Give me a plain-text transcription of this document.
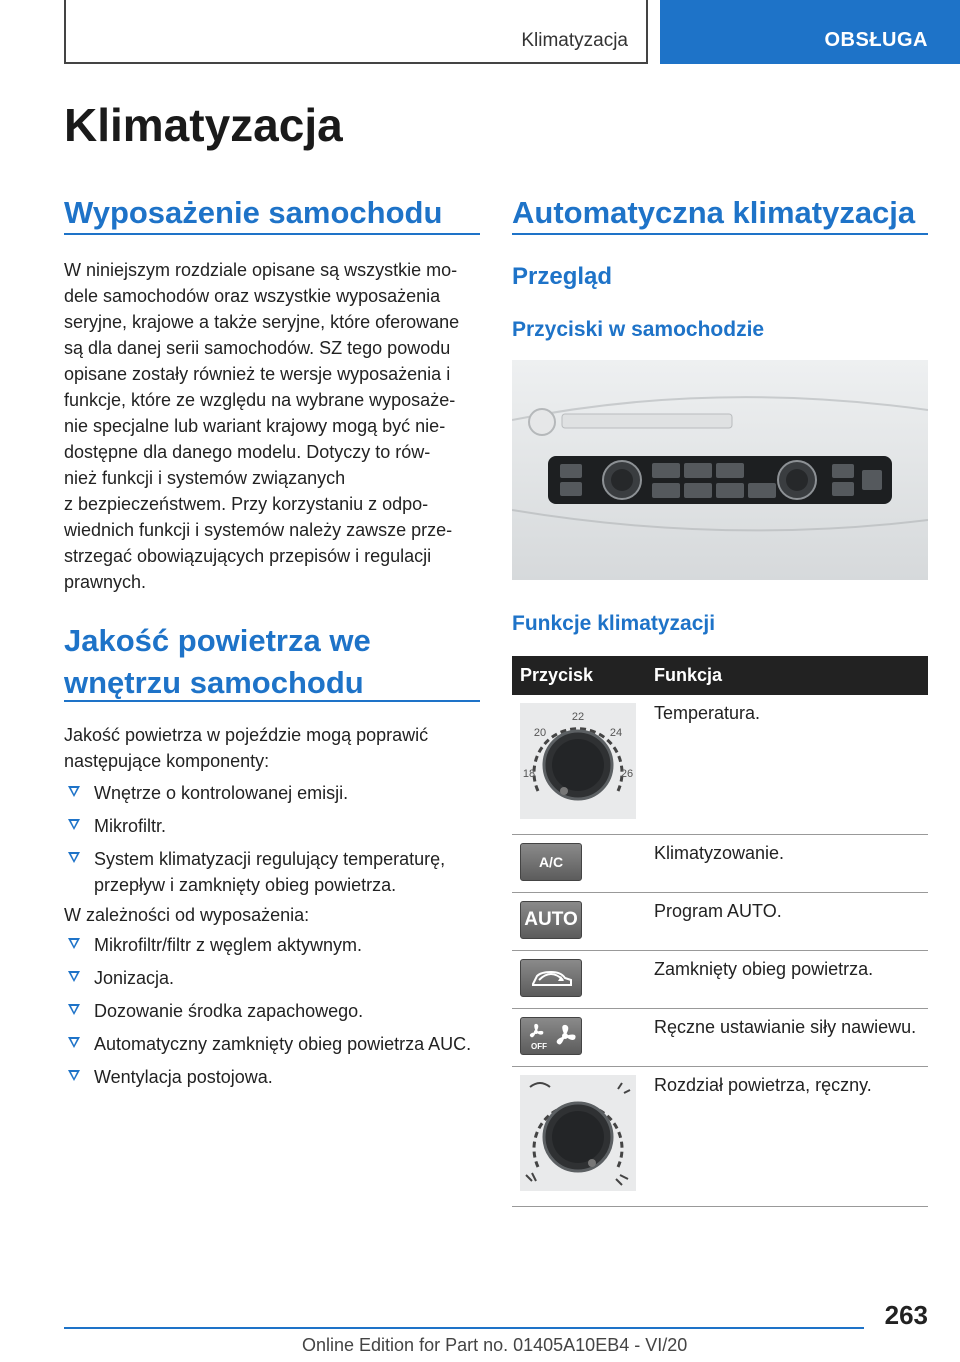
Klimatyzacja	OBSŁUGA
Klimatyzacja
Wyposażenie samochodu

W niniejszym rozdziale opisane są wszystkie mo‐
dele samochodów oraz wszystkie wyposażenia
seryjne, krajowe a także seryjne, które oferowane
są dla danej serii samochodów. SZ tego powodu
opisane zostały również te wersje wyposażenia i
funkcje, które ze względu na wybrane wyposaże‐
nie specjalne lub wariant krajowy mogą być nie‐
dostępne dla danego modelu. Dotyczy to rów‐
nież funkcji i systemów związanych
z bezpieczeństwem. Przy korzystaniu z odpo‐
wiednich funkcji i systemów należy zawsze prze‐
strzegać obowiązujących przepisów i regulacji
prawnych.

Jakość powietrza we
wnętrzu samochodu

Jakość powietrza w pojeździe mogą poprawić
następujące komponenty:

Wnętrze o kontrolowanej emisji.
Mikrofiltr.
System klimatyzacji regulujący temperaturę, przepływ i zamknięty obieg powietrza.

W zależności od wyposażenia:

Mikrofiltr/filtr z węglem aktywnym.
Jonizacja.
Dozowanie środka zapachowego.
Automatyczny zamknięty obieg powietrza AUC.
Wentylacja postojowa.
Automatyczna klimatyzacja
Przegląd
Przyciski w samochodzie
Funkcje klimatyzacji
Przycisk	Funkcja

22
20 24
18 26	Temperatura.

A/C	Klimatyzowanie.

AUTO	Program AUTO.

	Zamknięty obieg powietrza.

OFF	Ręczne ustawianie siły nawiewu.
	Rozdział powietrza, ręczny.
263
Online Edition for Part no. 01405A10EB4 - VI/20
